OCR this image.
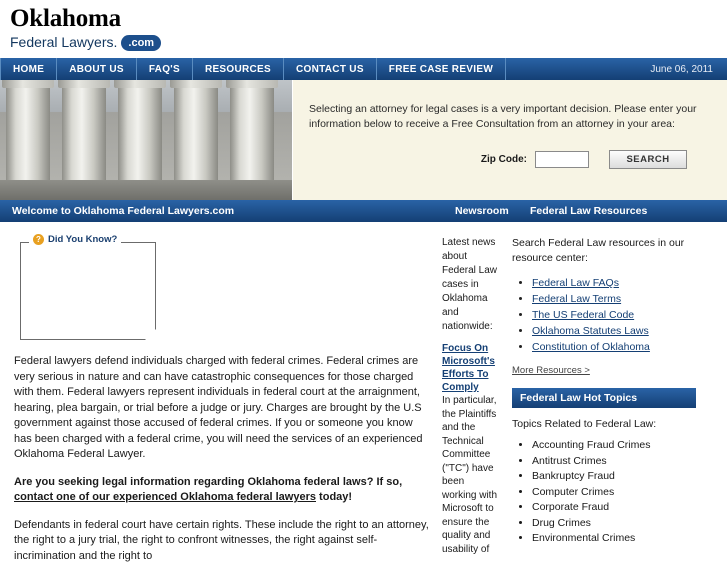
Oklahoma
Federal Lawyers.	.com
HOME	ABOUT US	FAQ'S	RESOURCES	CONTACT US	FREE CASE REVIEW	June 06, 2011
Selecting an attorney for legal cases is a very important decision. Please enter your information below to receive a Free Consultation from an attorney in your area:
Zip Code:	SEARCH
Welcome to Oklahoma Federal Lawyers.com	Newsroom Federal Law Resources
? Did You Know?

Federal lawyers defend individuals charged with federal crimes. Federal crimes are very serious in nature and can have catastrophic consequences for those charged with them. Federal lawyers represent individuals in federal court at the arraignment, hearing, plea bargain, or trial before a judge or jury. Charges are brought by the U.S government against those accused of federal crimes. If you or someone you know has been charged with a federal crime, you will need the services of an experienced Oklahoma Federal Lawyer.

Are you seeking legal information regarding Oklahoma federal laws? If so, contact one of our experienced Oklahoma federal lawyers today!

Defendants in federal court have certain rights. These include the right to an attorney, the right to a jury trial, the right to confront witnesses, the right against self-incrimination and the right to

Latest news about Federal Law cases in Oklahoma and nationwide:

Focus On Microsoft's Efforts To Comply

In particular, the Plaintiffs and the Technical Committee ("TC") have been working with Microsoft to ensure the quality and usability of

Search Federal Law resources in our resource center:

• Federal Law FAQs
• Federal Law Terms
• The US Federal Code
• Oklahoma Statutes Laws
• Constitution of Oklahoma
More Resources >
Federal Law Hot Topics

Topics Related to Federal Law:

• Accounting Fraud Crimes
• Antitrust Crimes
• Bankruptcy Fraud
• Computer Crimes
• Corporate Fraud
• Drug Crimes
• Environmental Crimes
